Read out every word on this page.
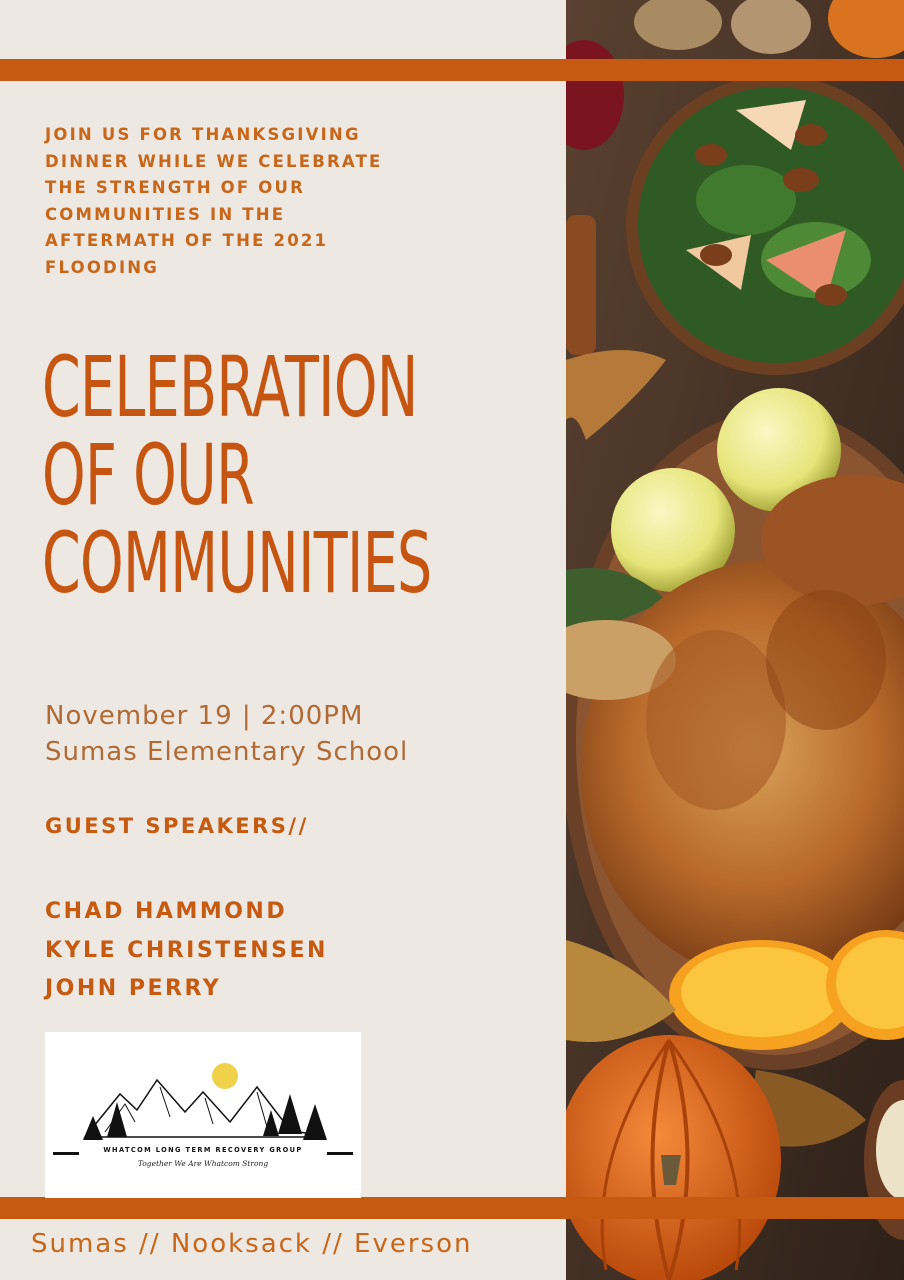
JOIN US FOR THANKSGIVING
DINNER WHILE WE CELEBRATE
THE STRENGTH OF OUR
COMMUNITIES IN THE
AFTERMATH OF THE 2021
FLOODING
CELEBRATION
OF OUR
COMMUNITIES
November 19 | 2:00PM
Sumas Elementary School
GUEST SPEAKERS//
CHAD HAMMOND
KYLE CHRISTENSEN
JOHN PERRY
WHATCOM LONG TERM RECOVERY GROUP
Together We Are Whatcom Strong
Sumas // Nooksack // Everson
